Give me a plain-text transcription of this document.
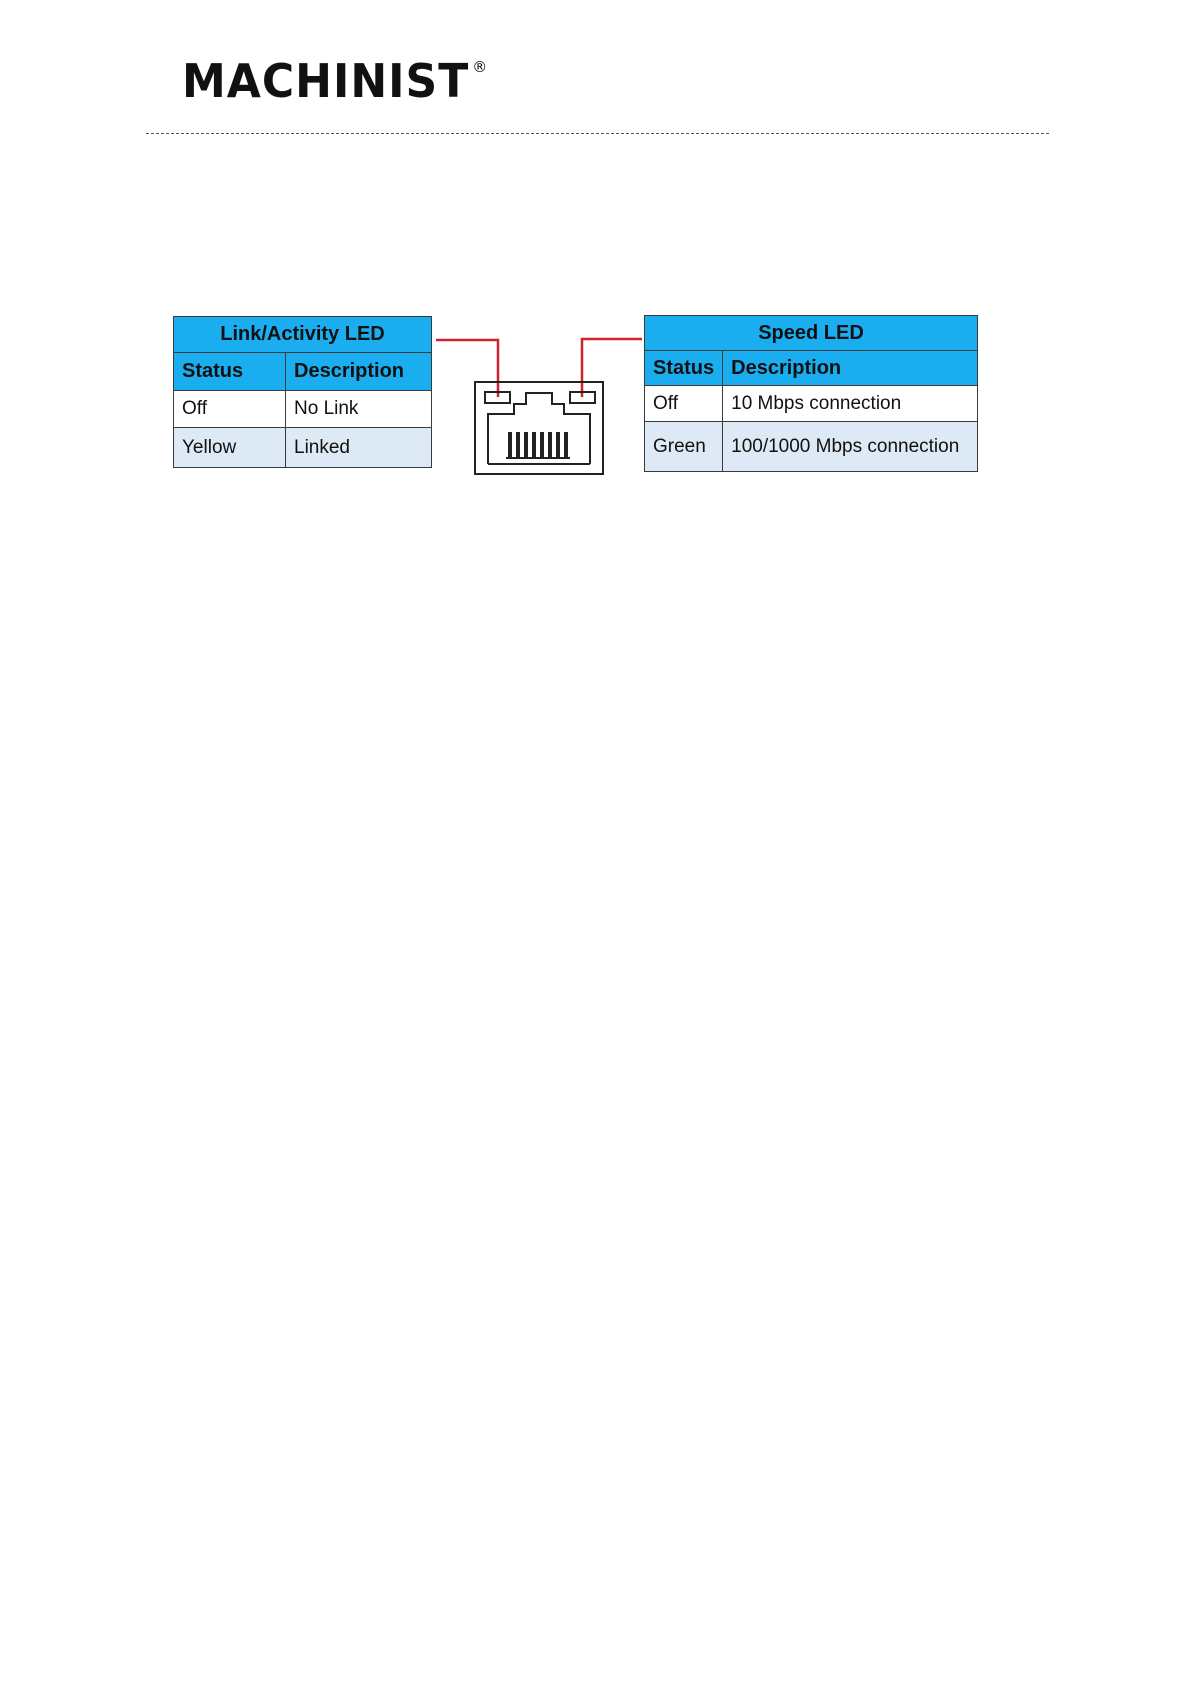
MACHINIST ®
Link/Activity LED	
Status	Description
Off	No Link
Yellow	Linked
Speed LED	
Status	Description
Off	10 Mbps connection
Green	100/1000 Mbps connection
